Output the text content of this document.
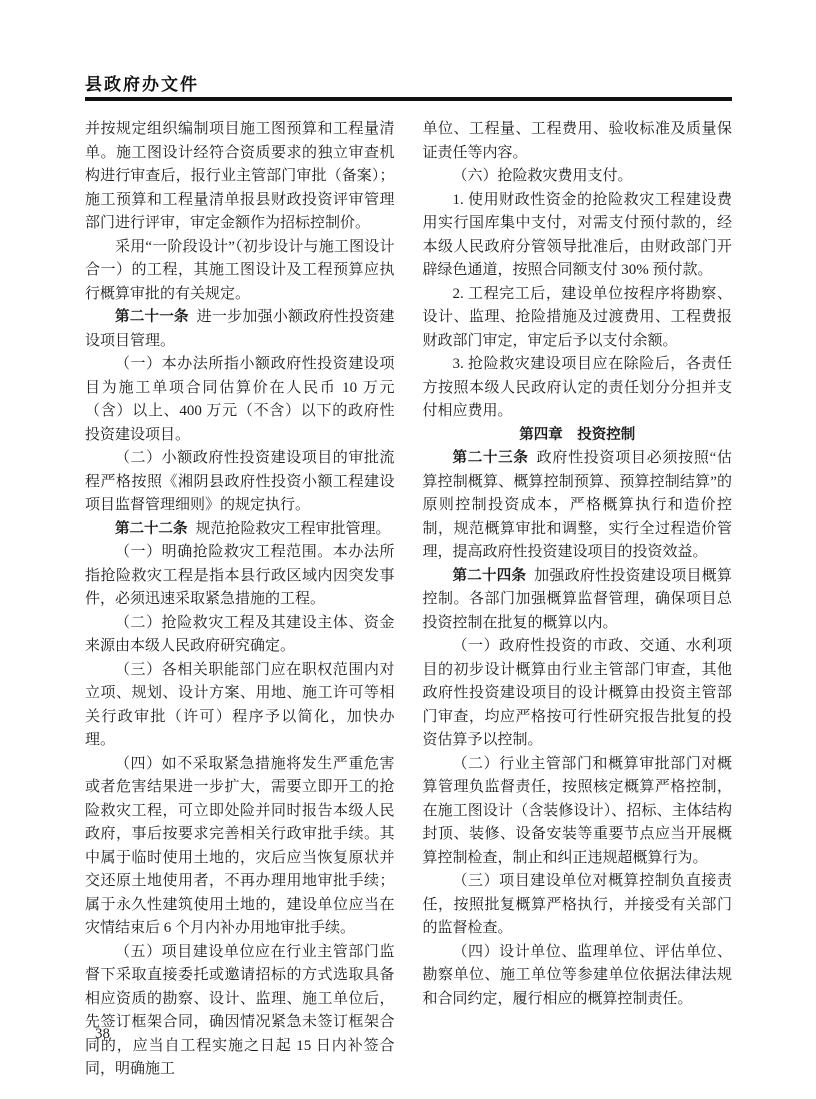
县政府办文件

并按规定组织编制项目施工图预算和工程量清单。施工图设计经符合资质要求的独立审查机构进行审查后，报行业主管部门审批（备案）；施工预算和工程量清单报县财政投资评审管理部门进行评审，审定金额作为招标控制价。

采用“一阶段设计”（初步设计与施工图设计合一）的工程，其施工图设计及工程预算应执行概算审批的有关规定。

第二十一条 进一步加强小额政府性投资建设项目管理。

（一）本办法所指小额政府性投资建设项目为施工单项合同估算价在人民币 10 万元（含）以上、400 万元（不含）以下的政府性投资建设项目。

（二）小额政府性投资建设项目的审批流程严格按照《湘阴县政府性投资小额工程建设项目监督管理细则》的规定执行。

第二十二条 规范抢险救灾工程审批管理。

（一）明确抢险救灾工程范围。本办法所指抢险救灾工程是指本县行政区域内因突发事件，必须迅速采取紧急措施的工程。

（二）抢险救灾工程及其建设主体、资金来源由本级人民政府研究确定。

（三）各相关职能部门应在职权范围内对立项、规划、设计方案、用地、施工许可等相关行政审批（许可）程序予以简化，加快办理。

（四）如不采取紧急措施将发生严重危害或者危害结果进一步扩大，需要立即开工的抢险救灾工程，可立即处险并同时报告本级人民政府，事后按要求完善相关行政审批手续。其中属于临时使用土地的，灾后应当恢复原状并交还原土地使用者，不再办理用地审批手续；属于永久性建筑使用土地的，建设单位应当在灾情结束后 6 个月内补办用地审批手续。

（五）项目建设单位应在行业主管部门监督下采取直接委托或邀请招标的方式选取具备相应资质的勘察、设计、监理、施工单位后，先签订框架合同，确因情况紧急未签订框架合同的，应当自工程实施之日起 15 日内补签合同，明确施工

单位、工程量、工程费用、验收标准及质量保证责任等内容。

（六）抢险救灾费用支付。

1. 使用财政性资金的抢险救灾工程建设费用实行国库集中支付，对需支付预付款的，经本级人民政府分管领导批准后，由财政部门开辟绿色通道，按照合同额支付 30% 预付款。

2. 工程完工后，建设单位按程序将勘察、设计、监理、抢险措施及过渡费用、工程费报财政部门审定，审定后予以支付余额。

3. 抢险救灾建设项目应在除险后，各责任方按照本级人民政府认定的责任划分分担并支付相应费用。

第四章　投资控制

第二十三条 政府性投资项目必须按照“估算控制概算、概算控制预算、预算控制结算”的原则控制投资成本，严格概算执行和造价控制，规范概算审批和调整，实行全过程造价管理，提高政府性投资建设项目的投资效益。

第二十四条 加强政府性投资建设项目概算控制。各部门加强概算监督管理，确保项目总投资控制在批复的概算以内。

（一）政府性投资的市政、交通、水利项目的初步设计概算由行业主管部门审查，其他政府性投资建设项目的设计概算由投资主管部门审查，均应严格按可行性研究报告批复的投资估算予以控制。

（二）行业主管部门和概算审批部门对概算管理负监督责任，按照核定概算严格控制，在施工图设计（含装修设计）、招标、主体结构封顶、装修、设备安装等重要节点应当开展概算控制检查，制止和纠正违规超概算行为。

（三）项目建设单位对概算控制负直接责任，按照批复概算严格执行，并接受有关部门的监督检查。

（四）设计单位、监理单位、评估单位、勘察单位、施工单位等参建单位依据法律法规和合同约定，履行相应的概算控制责任。

38
